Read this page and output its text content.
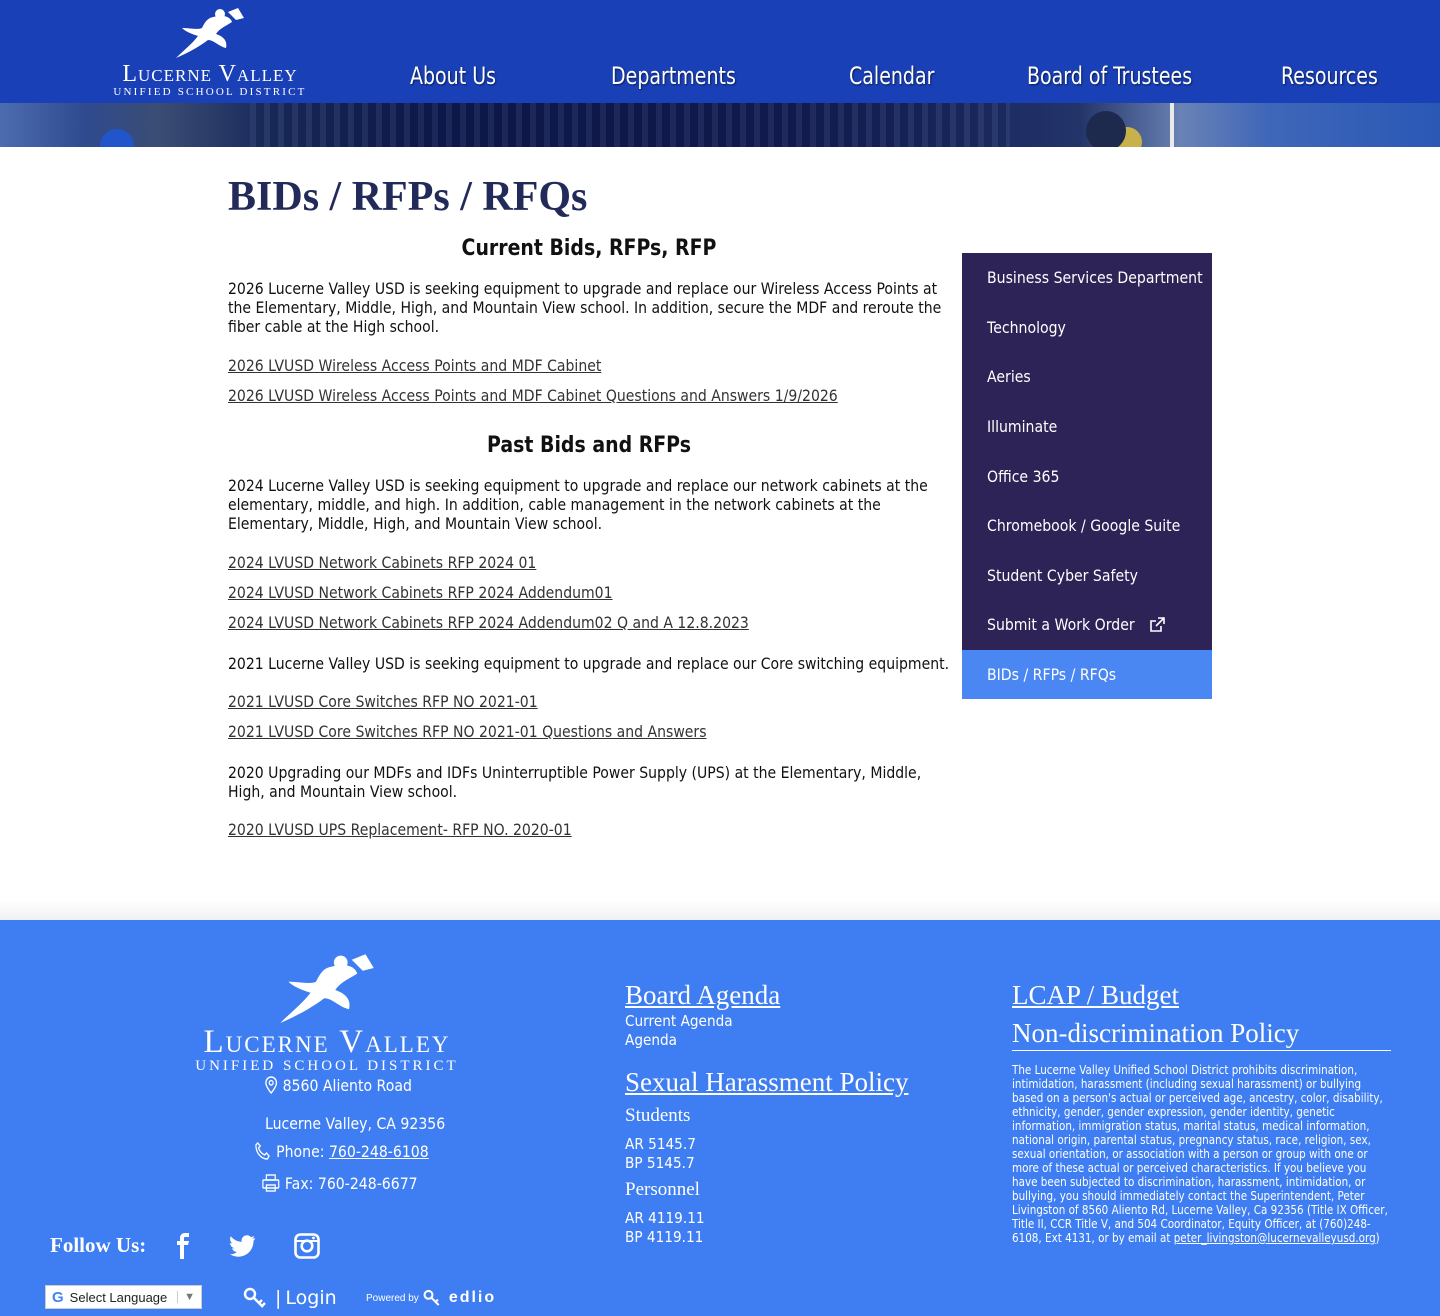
Lucerne Valley
UNIFIED SCHOOL DISTRICT
About Us	Departments	Calendar	Board of Trustees	Resources
BIDs / RFPs / RFQs
Current Bids, RFPs, RFP
2026 Lucerne Valley USD is seeking equipment to upgrade and replace our Wireless Access Points at the Elementary, Middle, High, and Mountain View school. In addition, secure the MDF and reroute the fiber cable at the High school.
2026 LVUSD Wireless Access Points and MDF Cabinet
2026 LVUSD Wireless Access Points and MDF Cabinet Questions and Answers 1/9/2026
Past Bids and RFPs
2024 Lucerne Valley USD is seeking equipment to upgrade and replace our network cabinets at the elementary, middle, and high. In addition, cable management in the network cabinets at the Elementary, Middle, High, and Mountain View school.
2024 LVUSD Network Cabinets RFP 2024 01
2024 LVUSD Network Cabinets RFP 2024 Addendum01
2024 LVUSD Network Cabinets RFP 2024 Addendum02 Q and A 12.8.2023
2021 Lucerne Valley USD is seeking equipment to upgrade and replace our Core switching equipment.
2021 LVUSD Core Switches RFP NO 2021-01
2021 LVUSD Core Switches RFP NO 2021-01 Questions and Answers
2020 Upgrading our MDFs and IDFs Uninterruptible Power Supply (UPS) at the Elementary, Middle, High, and Mountain View school.
2020 LVUSD UPS Replacement- RFP NO. 2020-01
Business Services Department
Technology
Aeries
Illuminate
Office 365
Chromebook / Google Suite
Student Cyber Safety
Submit a Work Order
BIDs / RFPs / RFQs
Lucerne Valley
UNIFIED SCHOOL DISTRICT
8560 Aliento Road
Lucerne Valley, CA 92356
Phone: 760-248-6108
Fax: 760-248-6677
Follow Us:
G Select Language	▼	| Login	Powered by edlio
Board Agenda
Current Agenda
Agenda
Sexual Harassment Policy
Students
AR 5145.7
BP 5145.7
Personnel
AR 4119.11
BP 4119.11
LCAP / Budget
Non-discrimination Policy
The Lucerne Valley Unified School District prohibits discrimination, intimidation, harassment (including sexual harassment) or bullying based on a person's actual or perceived age, ancestry, color, disability, ethnicity, gender, gender expression, gender identity, genetic information, immigration status, marital status, medical information, national origin, parental status, pregnancy status, race, religion, sex, sexual orientation, or association with a person or group with one or more of these actual or perceived characteristics. If you believe you have been subjected to discrimination, harassment, intimidation, or bullying, you should immediately contact the Superintendent, Peter Livingston of 8560 Aliento Rd, Lucerne Valley, Ca 92356 (Title IX Officer, Title II, CCR Title V, and 504 Coordinator, Equity Officer, at (760)248-6108, Ext 4131, or by email at peter_livingston@lucernevalleyusd.org)
